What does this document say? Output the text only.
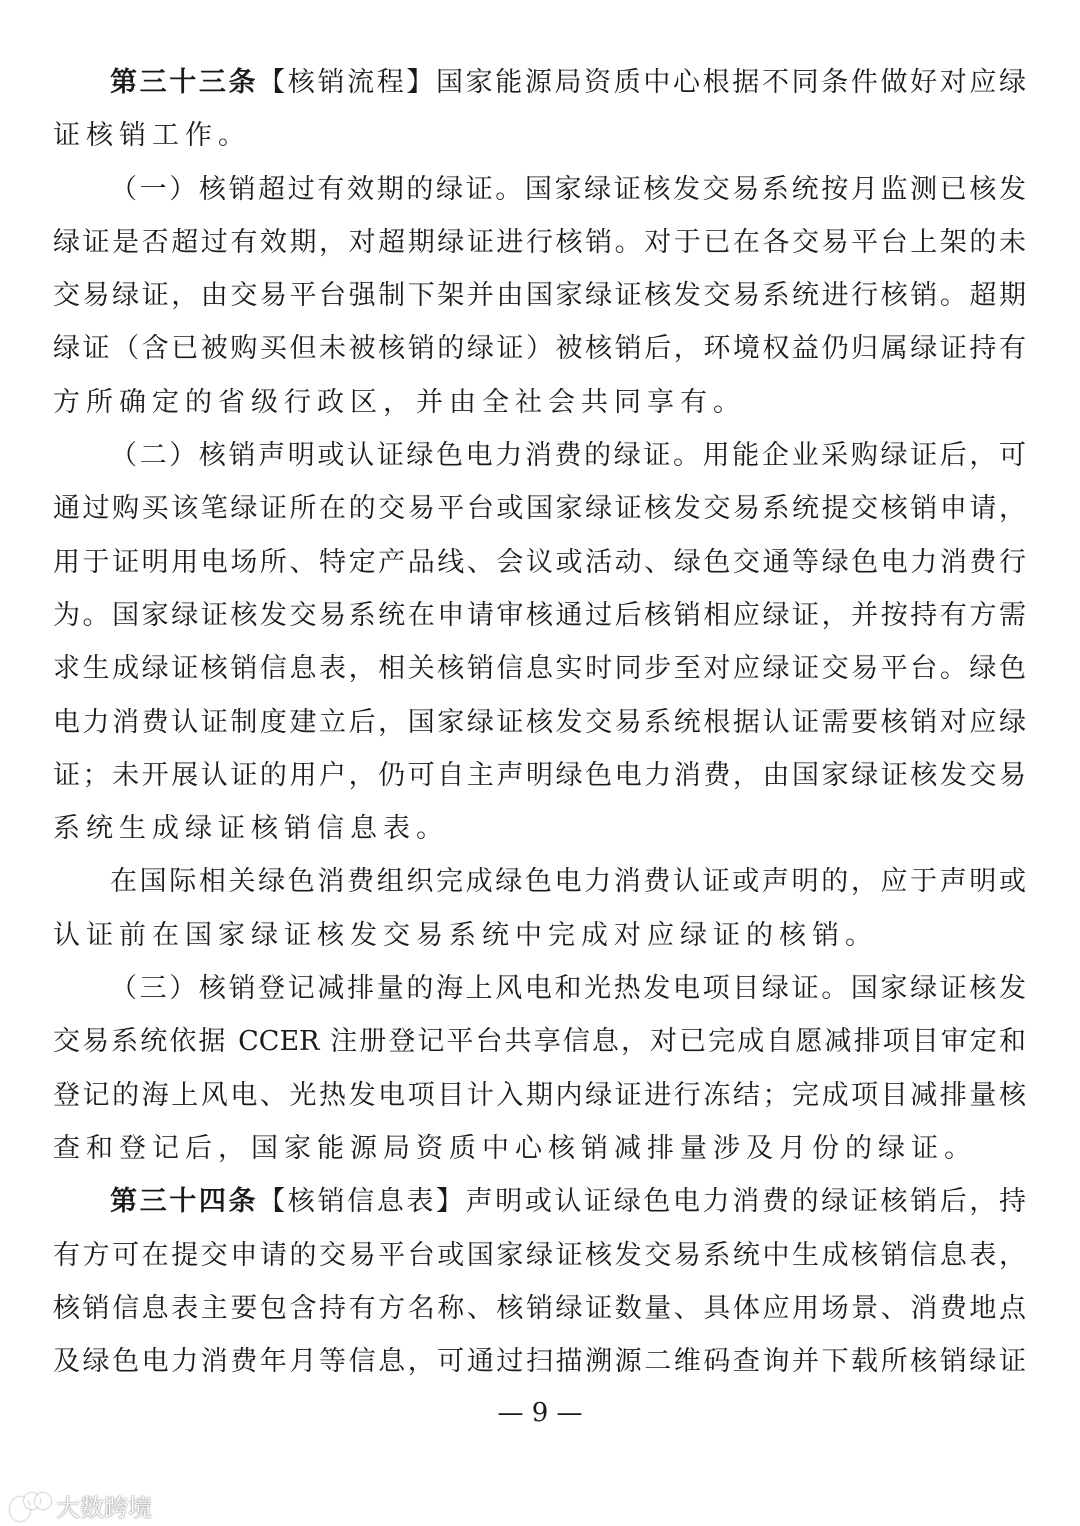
第三十三条【核销流程】国家能源局资质中心根据不同条件做好对应绿
证核销工作。
（一）核销超过有效期的绿证。国家绿证核发交易系统按月监测已核发
绿证是否超过有效期，对超期绿证进行核销。对于已在各交易平台上架的未
交易绿证，由交易平台强制下架并由国家绿证核发交易系统进行核销。超期
绿证（含已被购买但未被核销的绿证）被核销后，环境权益仍归属绿证持有
方所确定的省级行政区，并由全社会共同享有。
（二）核销声明或认证绿色电力消费的绿证。用能企业采购绿证后，可
通过购买该笔绿证所在的交易平台或国家绿证核发交易系统提交核销申请，
用于证明用电场所、特定产品线、会议或活动、绿色交通等绿色电力消费行
为。国家绿证核发交易系统在申请审核通过后核销相应绿证，并按持有方需
求生成绿证核销信息表，相关核销信息实时同步至对应绿证交易平台。绿色
电力消费认证制度建立后，国家绿证核发交易系统根据认证需要核销对应绿
证；未开展认证的用户，仍可自主声明绿色电力消费，由国家绿证核发交易
系统生成绿证核销信息表。
在国际相关绿色消费组织完成绿色电力消费认证或声明的，应于声明或
认证前在国家绿证核发交易系统中完成对应绿证的核销。
（三）核销登记减排量的海上风电和光热发电项目绿证。国家绿证核发
交易系统依据 CCER 注册登记平台共享信息，对已完成自愿减排项目审定和
登记的海上风电、光热发电项目计入期内绿证进行冻结；完成项目减排量核
查和登记后，国家能源局资质中心核销减排量涉及月份的绿证。
第三十四条【核销信息表】声明或认证绿色电力消费的绿证核销后，持
有方可在提交申请的交易平台或国家绿证核发交易系统中生成核销信息表，
核销信息表主要包含持有方名称、核销绿证数量、具体应用场景、消费地点
及绿色电力消费年月等信息，可通过扫描溯源二维码查询并下载所核销绿证
— 9 —
大数跨境
